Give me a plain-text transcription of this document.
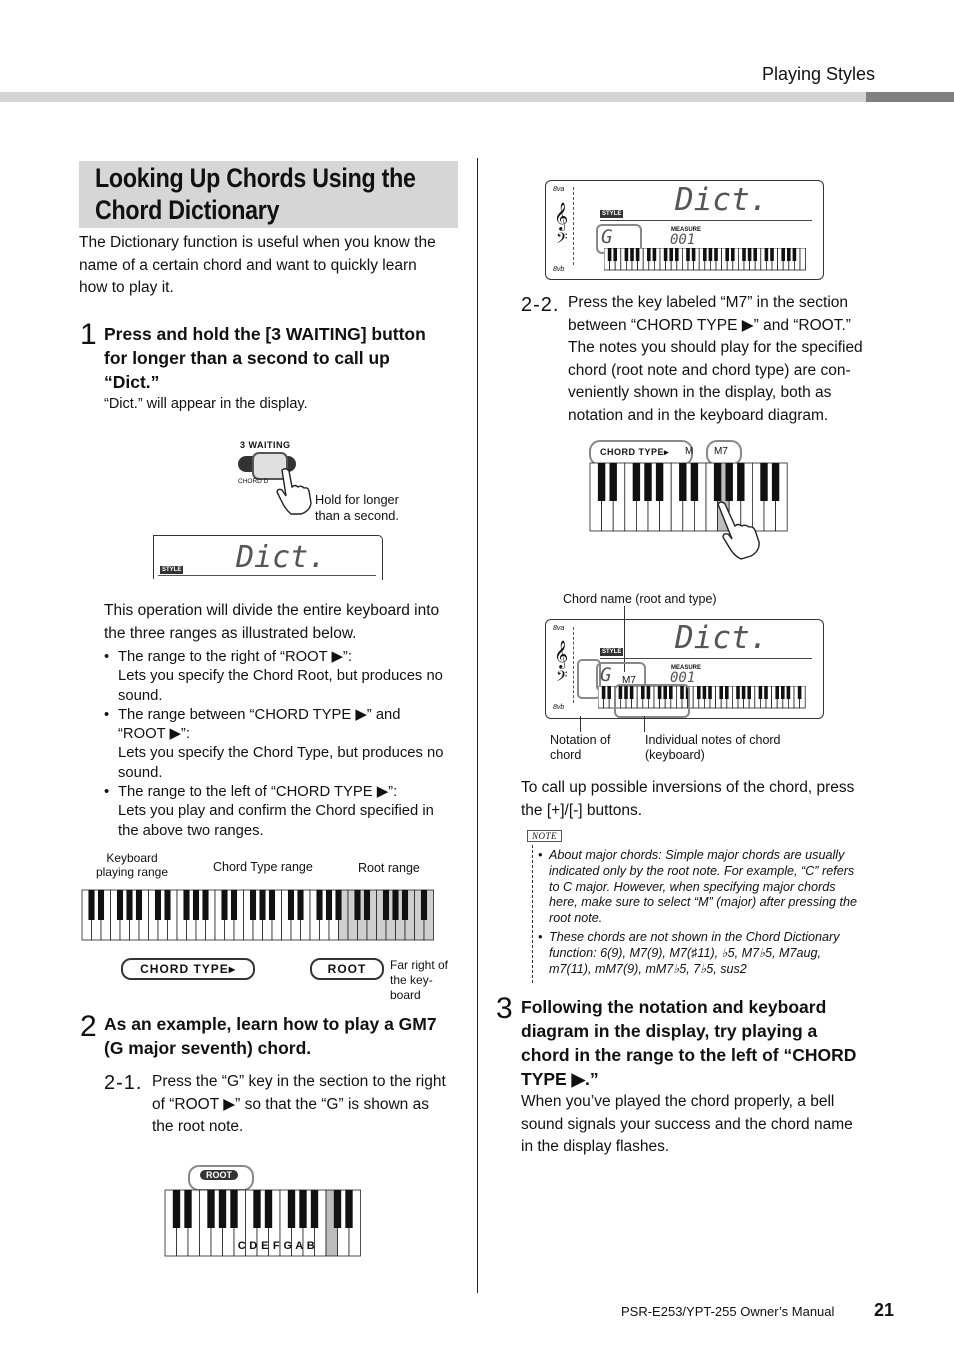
Playing Styles
Looking Up Chords Using the
Chord Dictionary
The Dictionary function is useful when you know the
name of a certain chord and want to quickly learn
how to play it.
1 Press and hold the [3 WAITING] button
for longer than a second to call up
“Dict.”
“Dict.” will appear in the display.
3 WAITING
CHORD D
Hold for longer
than a second.
STYLE Dict.
This operation will divide the entire keyboard into
the three ranges as illustrated below.
• The range to the right of “ROOT ▶”:
Lets you specify the Chord Root, but produces no
sound.
• The range between “CHORD TYPE ▶” and
“ROOT ▶”:
Lets you specify the Chord Type, but produces no
sound.
• The range to the left of “CHORD TYPE ▶”:
Lets you play and confirm the Chord specified in
the above two ranges.
Keyboard
playing range	Chord Type range	Root range
CHORD TYPE▸	ROOT	Far right of
the key-
board
2 As an example, learn how to play a GM7
(G major seventh) chord.
2-1. Press the “G” key in the section to the right
of “ROOT ▶” so that the “G” is shown as
the root note.
ROOT
C D E F G A B
8va
8vb
𝄞
𝄢
STYLE Dict.
G	MEASURE
001
2-2. Press the key labeled “M7” in the section
between “CHORD TYPE ▶” and “ROOT.”
The notes you should play for the specified
chord (root note and chord type) are con-
veniently shown in the display, both as
notation and in the keyboard diagram.
CHORD TYPE▸ M M7
Chord name (root and type)
8va
8vb
𝄞
𝄢
STYLE Dict.
G M7
MEASURE
001
Notation of
chord
Individual notes of chord
(keyboard)
To call up possible inversions of the chord, press
the [+]/[-] buttons.
NOTE
• About major chords: Simple major chords are usually
indicated only by the root note. For example, “C” refers
to C major. However, when specifying major chords
here, make sure to select “M” (major) after pressing the
root note.
• These chords are not shown in the Chord Dictionary
function: 6(9), M7(9), M7(♯11), ♭5, M7♭5, M7aug,
m7(11), mM7(9), mM7♭5, 7♭5, sus2
3 Following the notation and keyboard
diagram in the display, try playing a
chord in the range to the left of “CHORD
TYPE ▶.”
When you’ve played the chord properly, a bell
sound signals your success and the chord name
in the display flashes.
PSR-E253/YPT-255 Owner’s Manual 21
